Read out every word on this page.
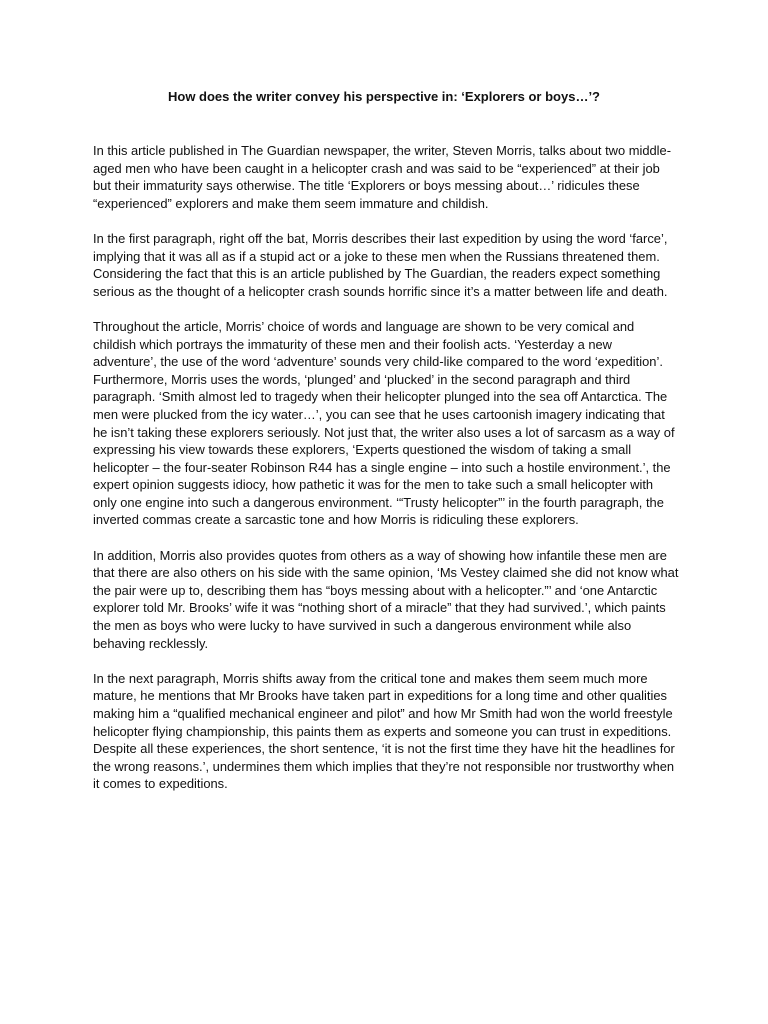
How does the writer convey his perspective in: ‘Explorers or boys…’?

In this article published in The Guardian newspaper, the writer, Steven Morris, talks about two middle-aged men who have been caught in a helicopter crash and was said to be “experienced” at their job but their immaturity says otherwise. The title ‘Explorers or boys messing about…’ ridicules these “experienced” explorers and make them seem immature and childish.

In the first paragraph, right off the bat, Morris describes their last expedition by using the word ‘farce’, implying that it was all as if a stupid act or a joke to these men when the Russians threatened them. Considering the fact that this is an article published by The Guardian, the readers expect something serious as the thought of a helicopter crash sounds horrific since it’s a matter between life and death.

Throughout the article, Morris’ choice of words and language are shown to be very comical and childish which portrays the immaturity of these men and their foolish acts. ‘Yesterday a new adventure’, the use of the word ‘adventure’ sounds very child-like compared to the word ‘expedition’. Furthermore, Morris uses the words, ‘plunged’ and ‘plucked’ in the second paragraph and third paragraph. ‘Smith almost led to tragedy when their helicopter plunged into the sea off Antarctica. The men were plucked from the icy water…’, you can see that he uses cartoonish imagery indicating that he isn’t taking these explorers seriously. Not just that, the writer also uses a lot of sarcasm as a way of expressing his view towards these explorers, ‘Experts questioned the wisdom of taking a small helicopter – the four-seater Robinson R44 has a single engine – into such a hostile environment.’, the expert opinion suggests idiocy, how pathetic it was for the men to take such a small helicopter with only one engine into such a dangerous environment. ‘“Trusty helicopter”’ in the fourth paragraph, the inverted commas create a sarcastic tone and how Morris is ridiculing these explorers.

In addition, Morris also provides quotes from others as a way of showing how infantile these men are that there are also others on his side with the same opinion, ‘Ms Vestey claimed she did not know what the pair were up to, describing them has “boys messing about with a helicopter.”’ and ‘one Antarctic explorer told Mr. Brooks’ wife it was “nothing short of a miracle” that they had survived.’, which paints the men as boys who were lucky to have survived in such a dangerous environment while also behaving recklessly.

In the next paragraph, Morris shifts away from the critical tone and makes them seem much more mature, he mentions that Mr Brooks have taken part in expeditions for a long time and other qualities making him a “qualified mechanical engineer and pilot” and how Mr Smith had won the world freestyle helicopter flying championship, this paints them as experts and someone you can trust in expeditions. Despite all these experiences, the short sentence, ‘it is not the first time they have hit the headlines for the wrong reasons.’, undermines them which implies that they’re not responsible nor trustworthy when it comes to expeditions.
